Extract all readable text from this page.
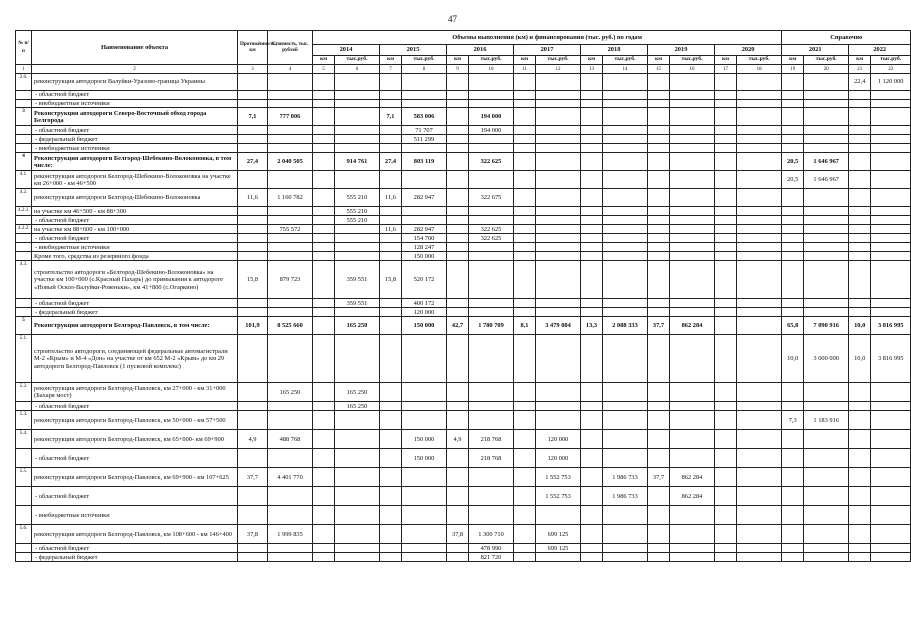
47
№ п/п	Наименование объекта	Протяжённость, км	Стоимость, тыс. рублей	Объемы выполнения (км) и финансирования (тыс. руб.) по годам														Справочно			
				2014		2015		2016		2017		2018		2019		2020		2021		2022	
				км	тыс.руб.	км	тыс.руб.	км	тыс.руб.	км	тыс.руб.	км	тыс.руб.	км	тыс.руб.	км	тыс.руб.	км	тыс.руб.	км	тыс.руб.
1	2	3	4	5	6	7	8	9	10	11	12	13	14	15	16	17	18	19	20	21	22
2.6.	реконструкция автодороги Валуйки-Уразово-граница Украины																			22,4	1 120 000
	- областной бюджет																				
	- внебюджетные источники																				
3	Реконструкция автодороги Северо-Восточный обход города Белгорода	7,1	777 006			7,1	583 006		194 000												
	- областной бюджет						71 707		194 000												
	- федеральный бюджет						511 299														
	- внебюджетные источники																				
4	Реконструкция автодороги Белгород-Шебекино-Волоконовка, в том числе:	27,4	2 040 505		914 761	27,4	803 119		322 625									20,5	1 646 967		
4.1.	реконструкция автодороги Белгород-Шебекино-Волоконовка на участке км 26+000 - км 46+500																	20,5	1 646 967		
4.2.	реконструкция автодороги Белгород-Шебекино-Волоконовка	11,6	1 160 782		555 210	11,6	282 947		322 675												
4.2.1.	на участке км 46+500 - км 88+300				555 210																
	- областной бюджет				555 210																
4.2.2.	на участке км 88+600 - км 100+000		755 572			11,6	282 947		322 625												
	- областной бюджет						154 700		322 625												
	- внебюджетные источники						128 247														
	Кроме того, средства из резервного фонда						150 000														
4.3.	строительство автодороги «Белгород-Шебекино-Волоконовка» на участке км 100+000 (с.Красный Пахарь) до примыкания к автодороге «Новый Оскол-Валуйки-Ровеньки», км 41+800 (с.Огаркино)	15,8	879 723		359 551	15,8	520 172														
	- областной бюджет				359 551		400 172														
	- федеральный бюджет						120 000														
5	Реконструкция автодороги Белгород-Павловск, в том числе:	101,9	8 525 660		165 250		150 000	42,7	1 780 709	8,1	3 479 084	13,3	2 088 333	37,7	862 284			65,8	7 090 916	10,0	3 816 995
5.1.	строительство автодороги, соединяющей федеральные автомагистрали М-2 «Крым» и М-4 «Дон» на участке от км 652 М-2 «Крым» до км 29 автодороги Белгород-Павловск (1 пусковой комплекс)																	10,0	3 000 000	10,0	3 816 995
5.2.	реконструкция автодороги Белгород-Павловск, км 27+000 - км 31+000 (Бахаря мост)		165 250		165 250																
	- областной бюджет				165 250																
5.3.	реконструкция автодороги Белгород-Павловск, км 50+000 - км 57+500																	7,3	1 183 916		
5.4.	реконструкция автодороги Белгород-Павловск, км 65+000- км 69+900	4,9	488 768				150 000	4,9	218 768		120 000										
	- областной бюджет						150 000		218 768		120 000										
5.5.	реконструкция автодороги Белгород-Павловск, км 69+900 - км 107+625	37,7	4 401 770								1 552 753		1 986 733	37,7	862 284						
	- областной бюджет										1 552 753		1 986 733		862 284						
	- внебюджетные источники																				
5.6.	реконструкция автодороги Белгород-Павловск, км 108+600 - км 146+400	37,8	1 999 835					37,8	1 300 710		699 125										
	- областной бюджет								478 990		699 125										
	- федеральный бюджет								821 720												
